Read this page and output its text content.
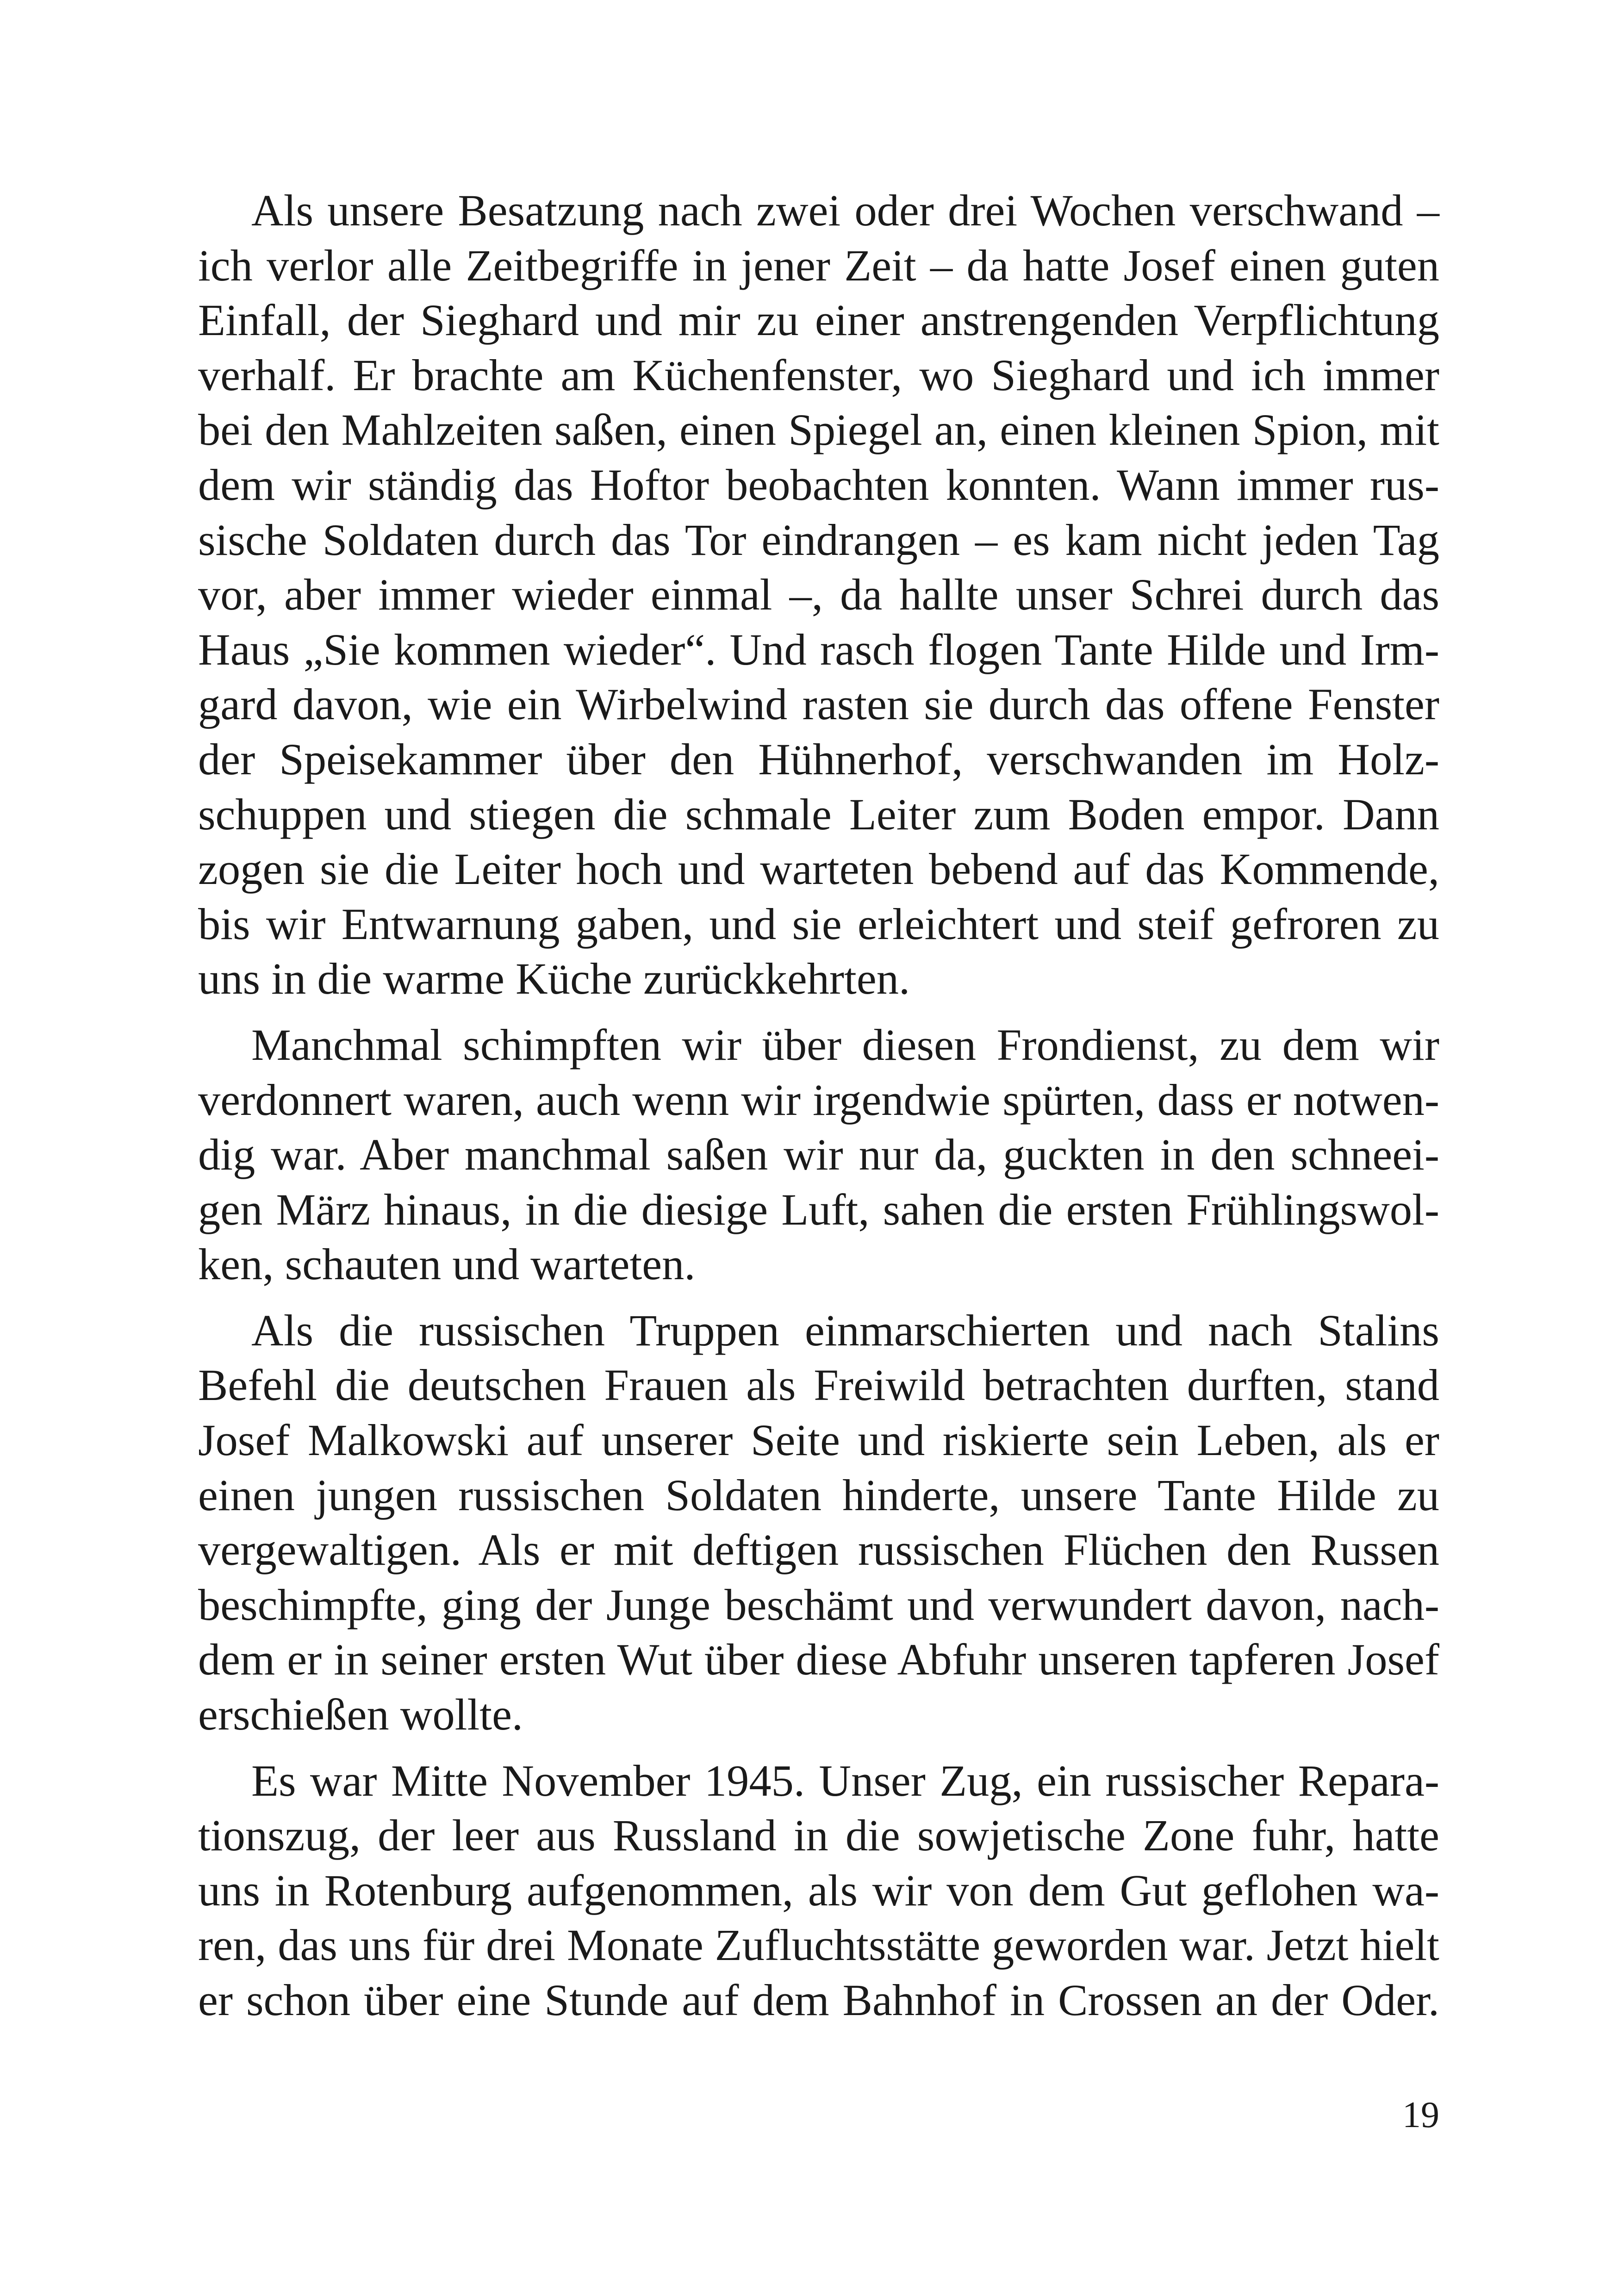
Als unsere Besatzung nach zwei oder drei Wochen verschwand –
ich verlor alle Zeitbegriffe in jener Zeit – da hatte Josef einen guten
Einfall, der Sieghard und mir zu einer anstrengenden Verpflichtung
verhalf. Er brachte am Küchenfenster, wo Sieghard und ich immer
bei den Mahlzeiten saßen, einen Spiegel an, einen kleinen Spion, mit
dem wir ständig das Hoftor beobachten konnten. Wann immer rus-
sische Soldaten durch das Tor eindrangen – es kam nicht jeden Tag
vor, aber immer wieder einmal –, da hallte unser Schrei durch das
Haus „Sie kommen wieder“. Und rasch flogen Tante Hilde und Irm-
gard davon, wie ein Wirbelwind rasten sie durch das offene Fenster
der Speisekammer über den Hühnerhof, verschwanden im Holz-
schuppen und stiegen die schmale Leiter zum Boden empor. Dann
zogen sie die Leiter hoch und warteten bebend auf das Kommende,
bis wir Entwarnung gaben, und sie erleichtert und steif gefroren zu
uns in die warme Küche zurückkehrten.

Manchmal schimpften wir über diesen Frondienst, zu dem wir
verdonnert waren, auch wenn wir irgendwie spürten, dass er notwen-
dig war. Aber manchmal saßen wir nur da, guckten in den schneei-
gen März hinaus, in die diesige Luft, sahen die ersten Frühlingswol-
ken, schauten und warteten.

Als die russischen Truppen einmarschierten und nach Stalins
Befehl die deutschen Frauen als Freiwild betrachten durften, stand
Josef Malkowski auf unserer Seite und riskierte sein Leben, als er
einen jungen russischen Soldaten hinderte, unsere Tante Hilde zu
vergewaltigen. Als er mit deftigen russischen Flüchen den Russen
beschimpfte, ging der Junge beschämt und verwundert davon, nach-
dem er in seiner ersten Wut über diese Abfuhr unseren tapferen Josef
erschießen wollte.

Es war Mitte November 1945. Unser Zug, ein russischer Repara-
tionszug, der leer aus Russland in die sowjetische Zone fuhr, hatte
uns in Rotenburg aufgenommen, als wir von dem Gut geflohen wa-
ren, das uns für drei Monate Zufluchtsstätte geworden war. Jetzt hielt
er schon über eine Stunde auf dem Bahnhof in Crossen an der Oder.

19
